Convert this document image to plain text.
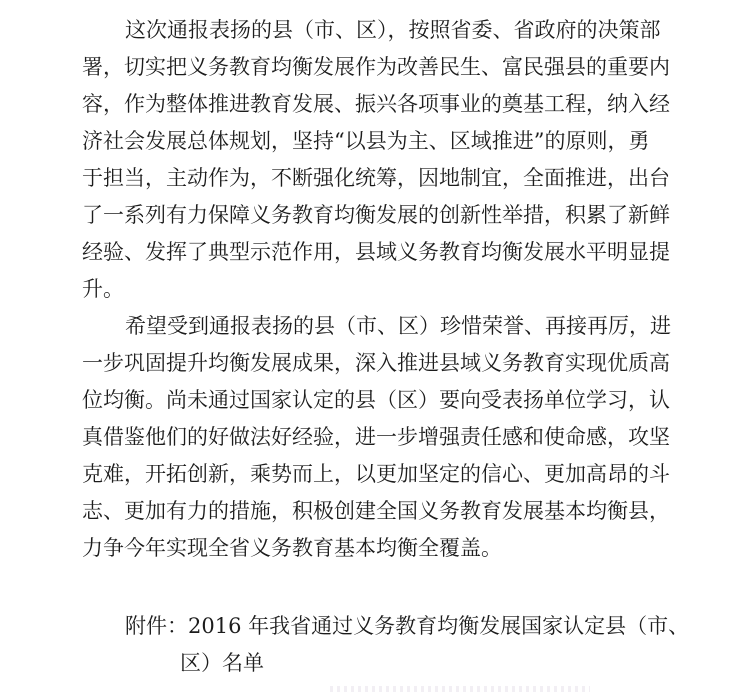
这次通报表扬的县（市、区），按照省委、省政府的决策部

署，切实把义务教育均衡发展作为改善民生、富民强县的重要内

容，作为整体推进教育发展、振兴各项事业的奠基工程，纳入经

济社会发展总体规划，坚持“以县为主、区域推进”的原则，勇

于担当，主动作为，不断强化统筹，因地制宜，全面推进，出台

了一系列有力保障义务教育均衡发展的创新性举措，积累了新鲜

经验、发挥了典型示范作用，县域义务教育均衡发展水平明显提

升。

希望受到通报表扬的县（市、区）珍惜荣誉、再接再厉，进

一步巩固提升均衡发展成果，深入推进县域义务教育实现优质高

位均衡。尚未通过国家认定的县（区）要向受表扬单位学习，认

真借鉴他们的好做法好经验，进一步增强责任感和使命感，攻坚

克难，开拓创新，乘势而上，以更加坚定的信心、更加高昂的斗

志、更加有力的措施，积极创建全国义务教育发展基本均衡县，

力争今年实现全省义务教育基本均衡全覆盖。

附件：2016 年我省通过义务教育均衡发展国家认定县（市、

区）名单
